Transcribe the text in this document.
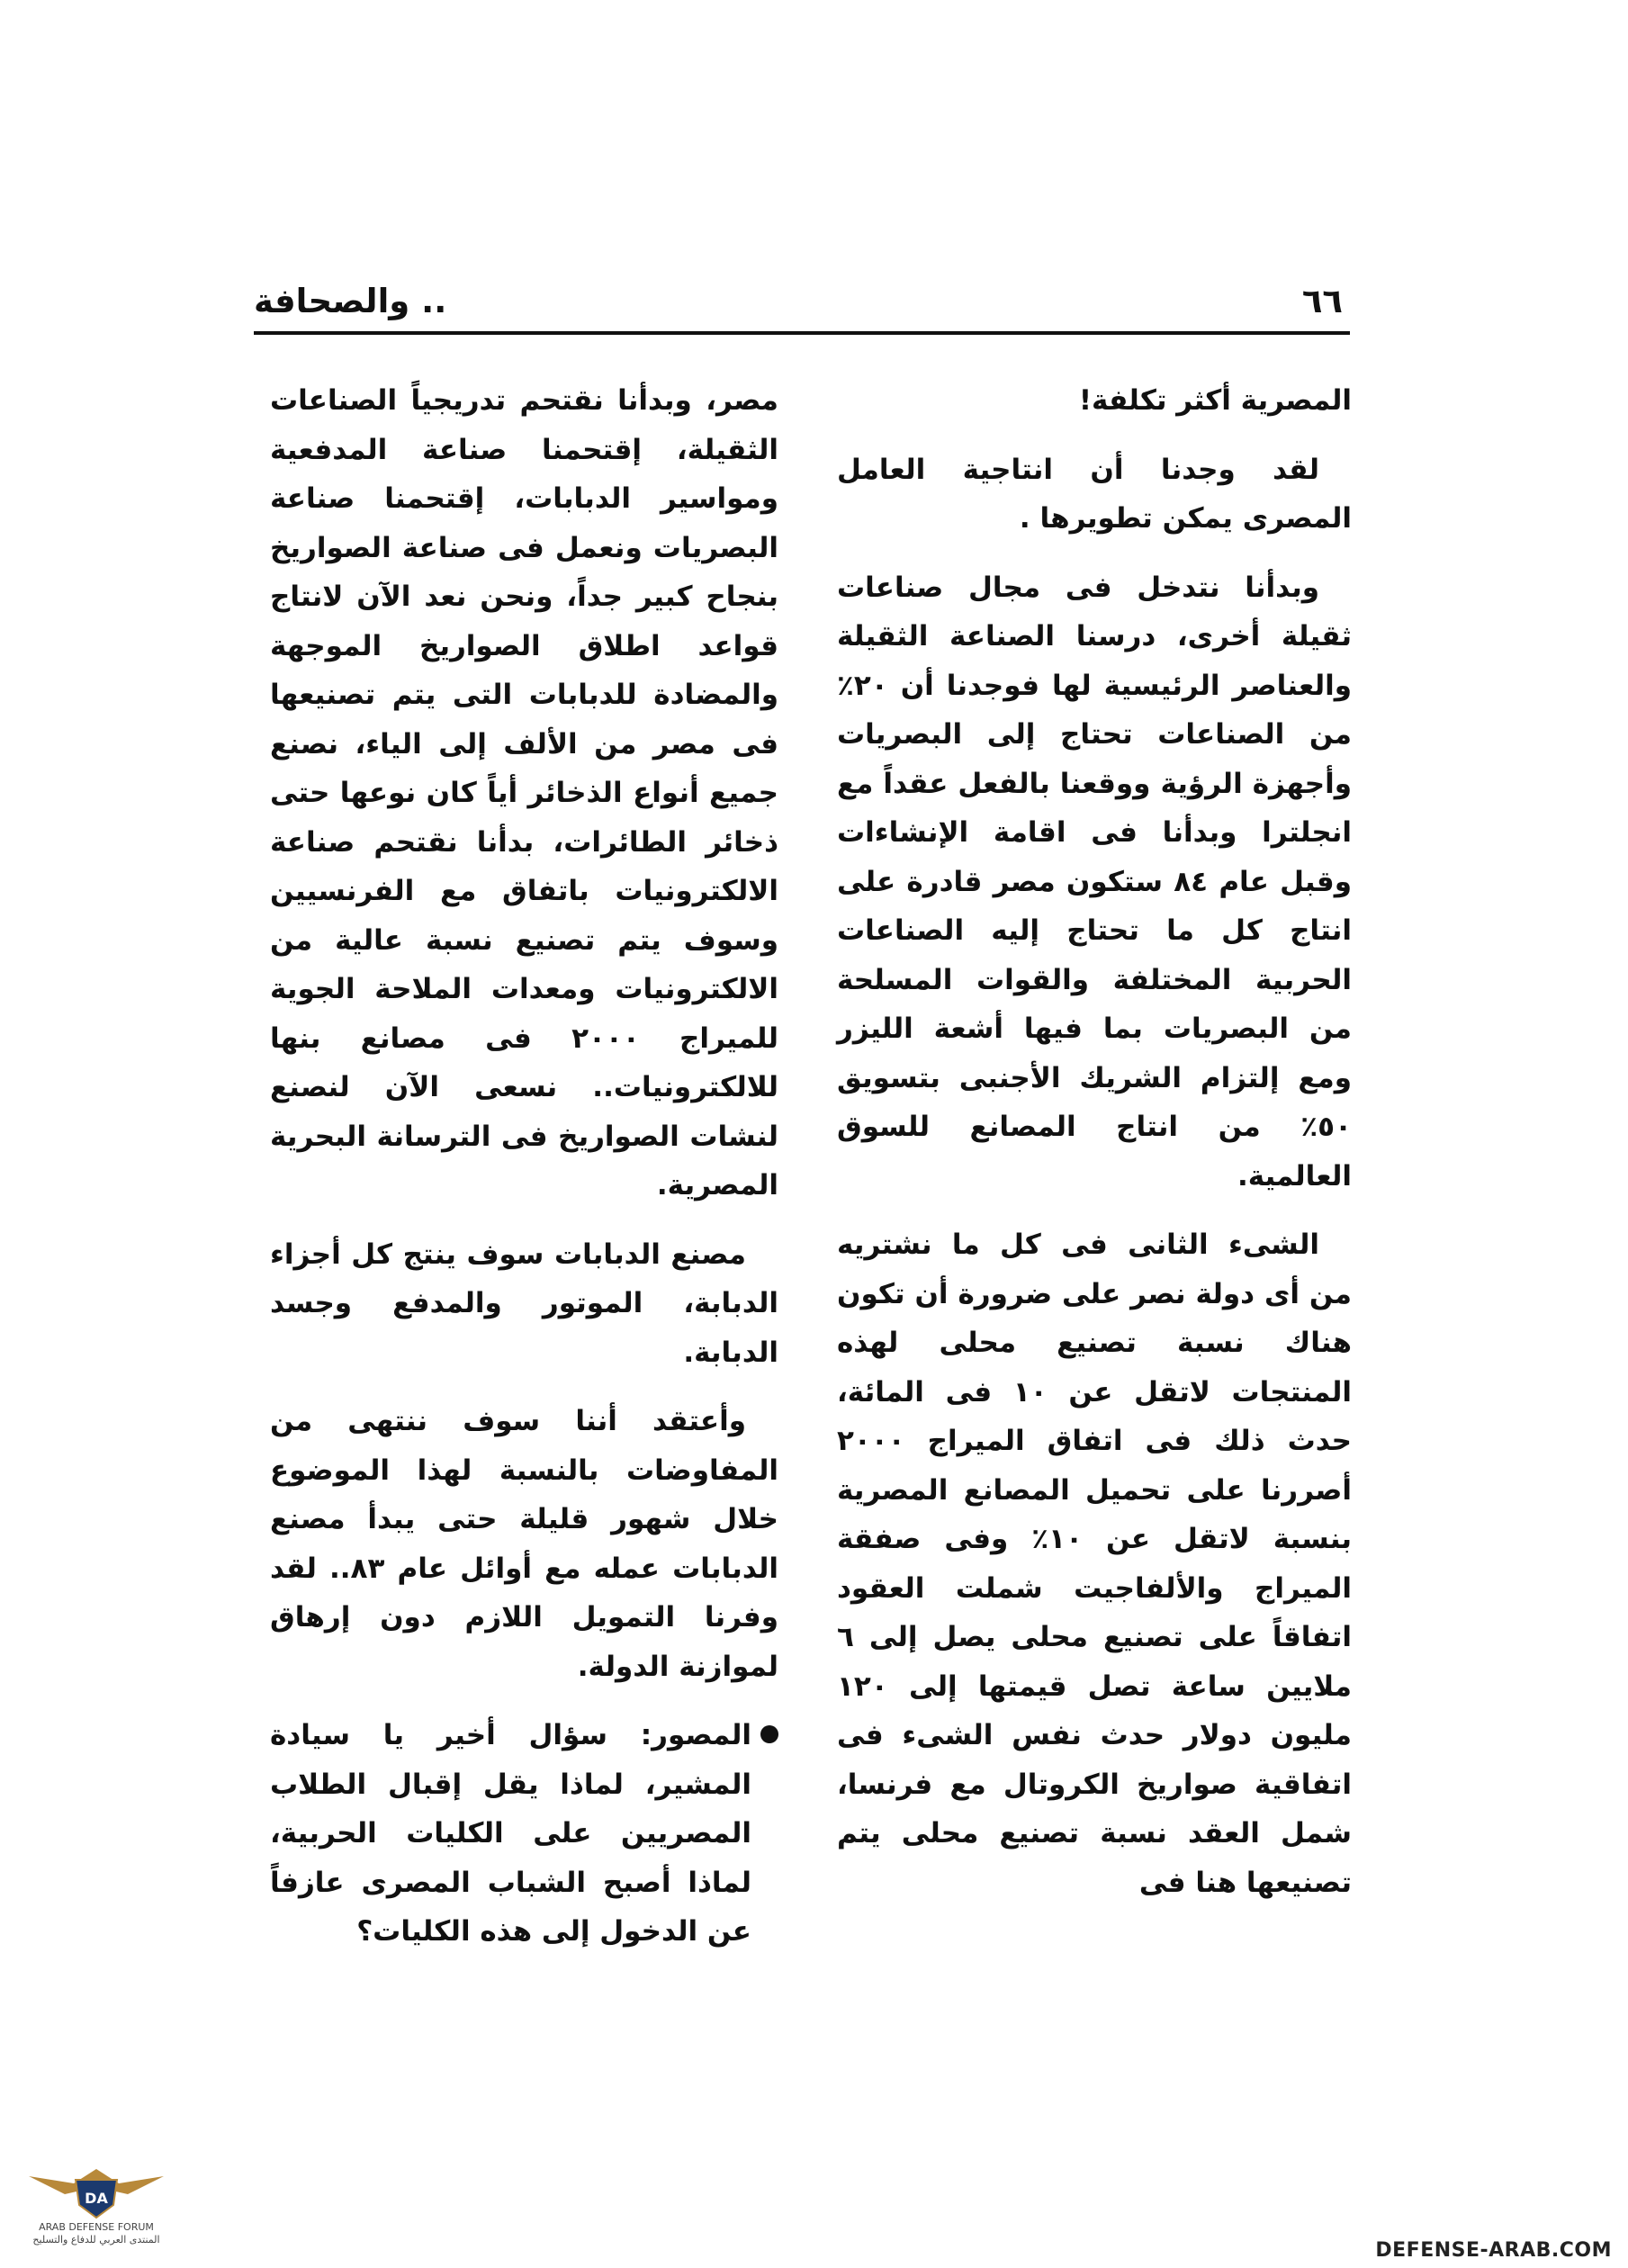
.. والصحافة	٦٦

المصرية أكثر تكلفة!

لقد وجدنا أن انتاجية العامل المصرى يمكن تطويرها .

وبدأنا نتدخل فى مجال صناعات ثقيلة أخرى، درسنا الصناعة الثقيلة والعناصر الرئيسية لها فوجدنا أن ٢٠٪ من الصناعات تحتاج إلى البصريات وأجهزة الرؤية ووقعنا بالفعل عقداً مع انجلترا وبدأنا فى اقامة الإنشاءات وقبل عام ٨٤ ستكون مصر قادرة على انتاج كل ما تحتاج إليه الصناعات الحربية المختلفة والقوات المسلحة من البصريات بما فيها أشعة الليزر ومع إلتزام الشريك الأجنبى بتسويق ٥٠٪ من انتاج المصانع للسوق العالمية.

الشىء الثانى فى كل ما نشتريه من أى دولة نصر على ضرورة أن تكون هناك نسبة تصنيع محلى لهذه المنتجات لاتقل عن ١٠ فى المائة، حدث ذلك فى اتفاق الميراج ٢٠٠٠ أصررنا على تحميل المصانع المصرية بنسبة لاتقل عن ١٠٪ وفى صفقة الميراج والألفاجيت شملت العقود اتفاقاً على تصنيع محلى يصل إلى ٦ ملايين ساعة تصل قيمتها إلى ١٢٠ مليون دولار حدث نفس الشىء فى اتفاقية صواريخ الكروتال مع فرنسا، شمل العقد نسبة تصنيع محلى يتم تصنيعها هنا فى

مصر، وبدأنا نقتحم تدريجياً الصناعات الثقيلة، إقتحمنا صناعة المدفعية ومواسير الدبابات، إقتحمنا صناعة البصريات ونعمل فى صناعة الصواريخ بنجاح كبير جداً، ونحن نعد الآن لانتاج قواعد اطلاق الصواريخ الموجهة والمضادة للدبابات التى يتم تصنيعها فى مصر من الألف إلى الياء، نصنع جميع أنواع الذخائر أياً كان نوعها حتى ذخائر الطائرات، بدأنا نقتحم صناعة الالكترونيات باتفاق مع الفرنسيين وسوف يتم تصنيع نسبة عالية من الالكترونيات ومعدات الملاحة الجوية للميراج ٢٠٠٠ فى مصانع بنها للالكترونيات.. نسعى الآن لنصنع لنشات الصواريخ فى الترسانة البحرية المصرية.

مصنع الدبابات سوف ينتج كل أجزاء الدبابة، الموتور والمدفع وجسد الدبابة.

وأعتقد أننا سوف ننتهى من المفاوضات بالنسبة لهذا الموضوع خلال شهور قليلة حتى يبدأ مصنع الدبابات عمله مع أوائل عام ٨٣.. لقد وفرنا التمويل اللازم دون إرهاق لموازنة الدولة.

المصور: سؤال أخير يا سيادة المشير، لماذا يقل إقبال الطلاب المصريين على الكليات الحربية، لماذا أصبح الشباب المصرى عازفاً عن الدخول إلى هذه الكليات؟
DA
ARAB DEFENSE FORUM
المنتدى العربي للدفاع والتسليح	DEFENSE-ARAB.COM
